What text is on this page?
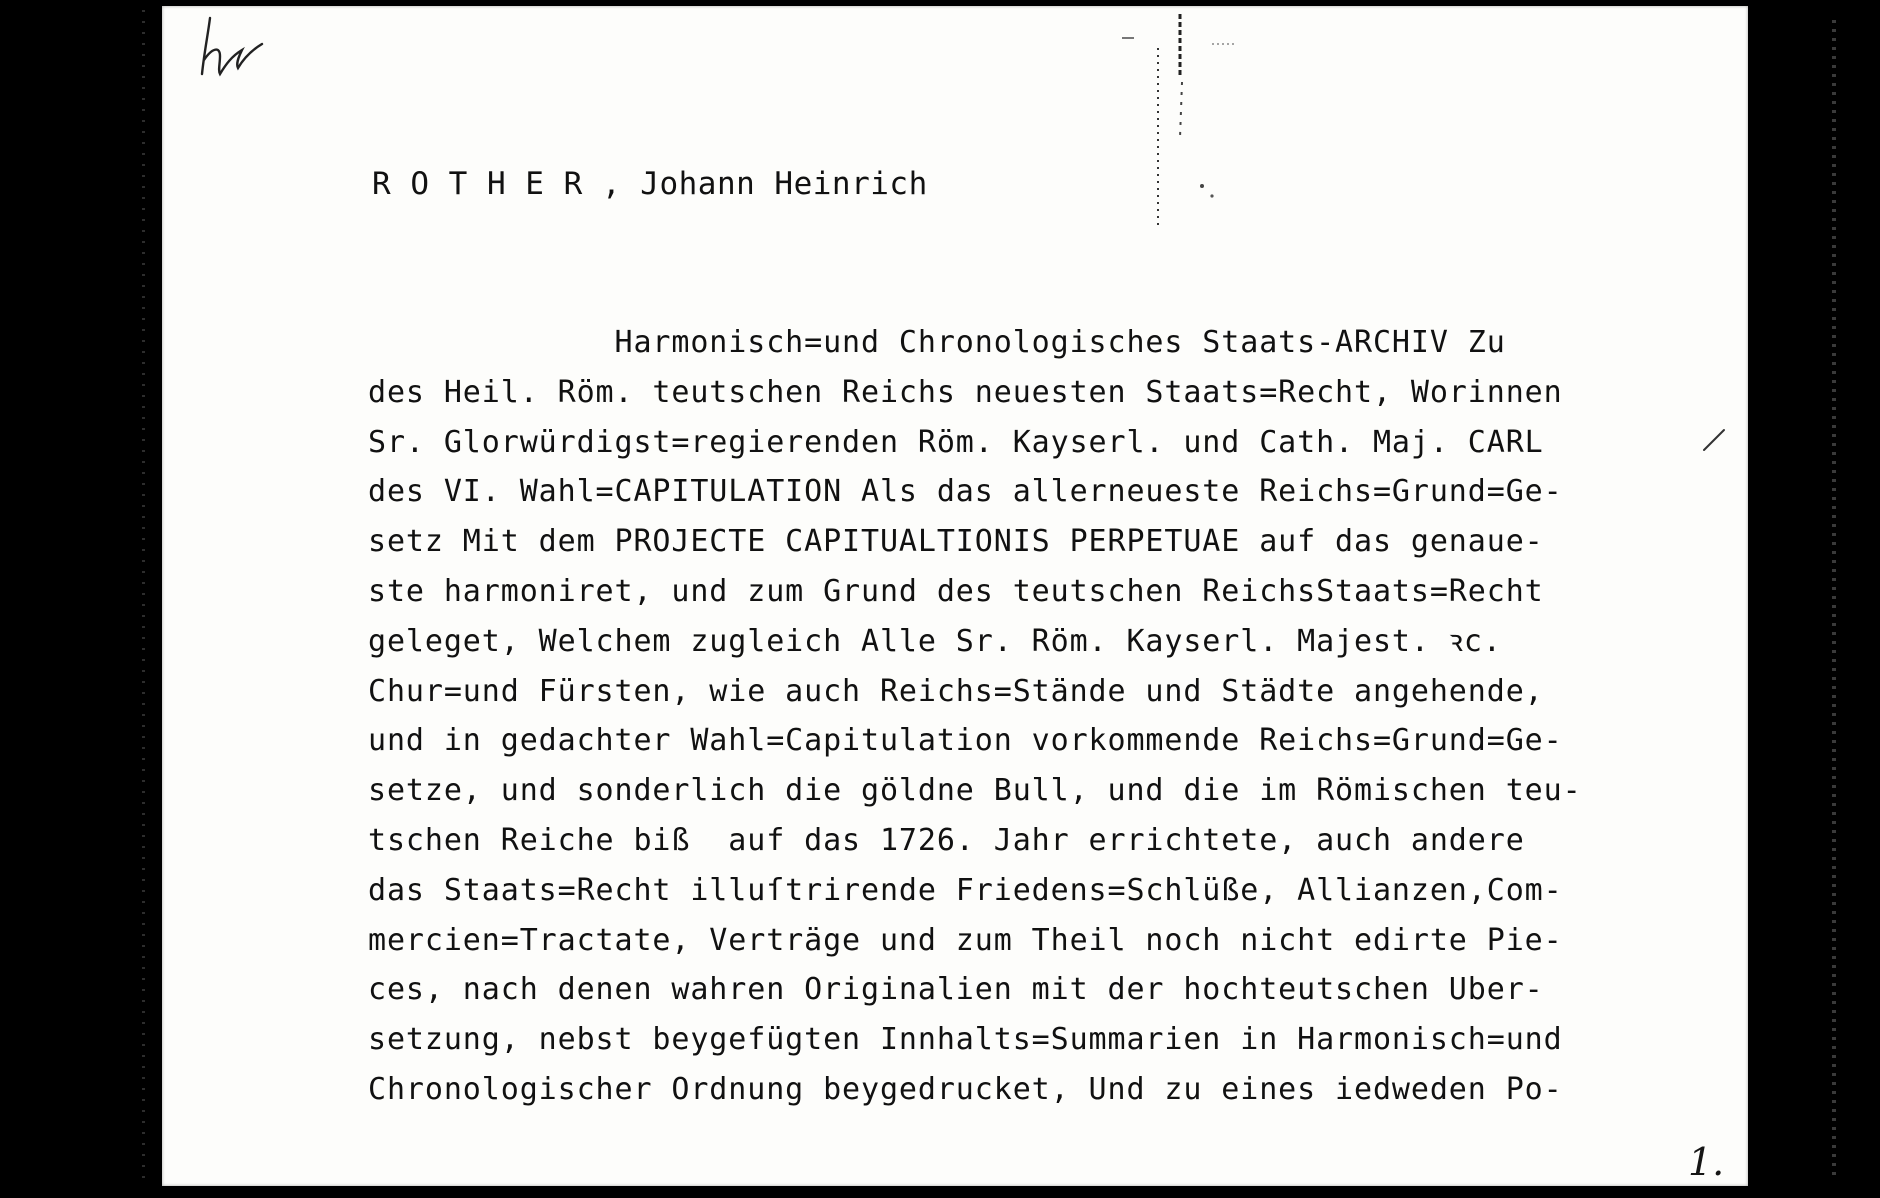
R O T H E R , Johann Heinrich
Harmonisch=und Chronologisches Staats-ARCHIV Zu
des Heil. Röm. teutschen Reichs neuesten Staats=Recht, Worinnen
Sr. Glorwürdigst=regierenden Röm. Kayserl. und Cath. Maj. CARL
des VI. Wahl=CAPITULATION Als das allerneueste Reichs=Grund=Ge-
setz Mit dem PROJECTE CAPITUALTIONIS PERPETUAE auf das genaue-
ste harmoniret, und zum Grund des teutschen ReichsStaats=Recht
geleget, Welchem zugleich Alle Sr. Röm. Kayserl. Majest. ꝛc.
Chur=und Fürsten, wie auch Reichs=Stände und Städte angehende,
und in gedachter Wahl=Capitulation vorkommende Reichs=Grund=Ge-
setze, und sonderlich die göldne Bull, und die im Römischen teu-
tschen Reiche biß  auf das 1726. Jahr errichtete, auch andere
das Staats=Recht illuſtrirende Friedens=Schlüße, Allianzen,Com-
mercien=Tractate, Verträge und zum Theil noch nicht edirte Pie-
ces, nach denen wahren Originalien mit der hochteutschen Uber-
setzung, nebst beygefügten Innhalts=Summarien in Harmonisch=und
Chronologischer Ordnung beygedrucket, Und zu eines iedweden Po-
1.
